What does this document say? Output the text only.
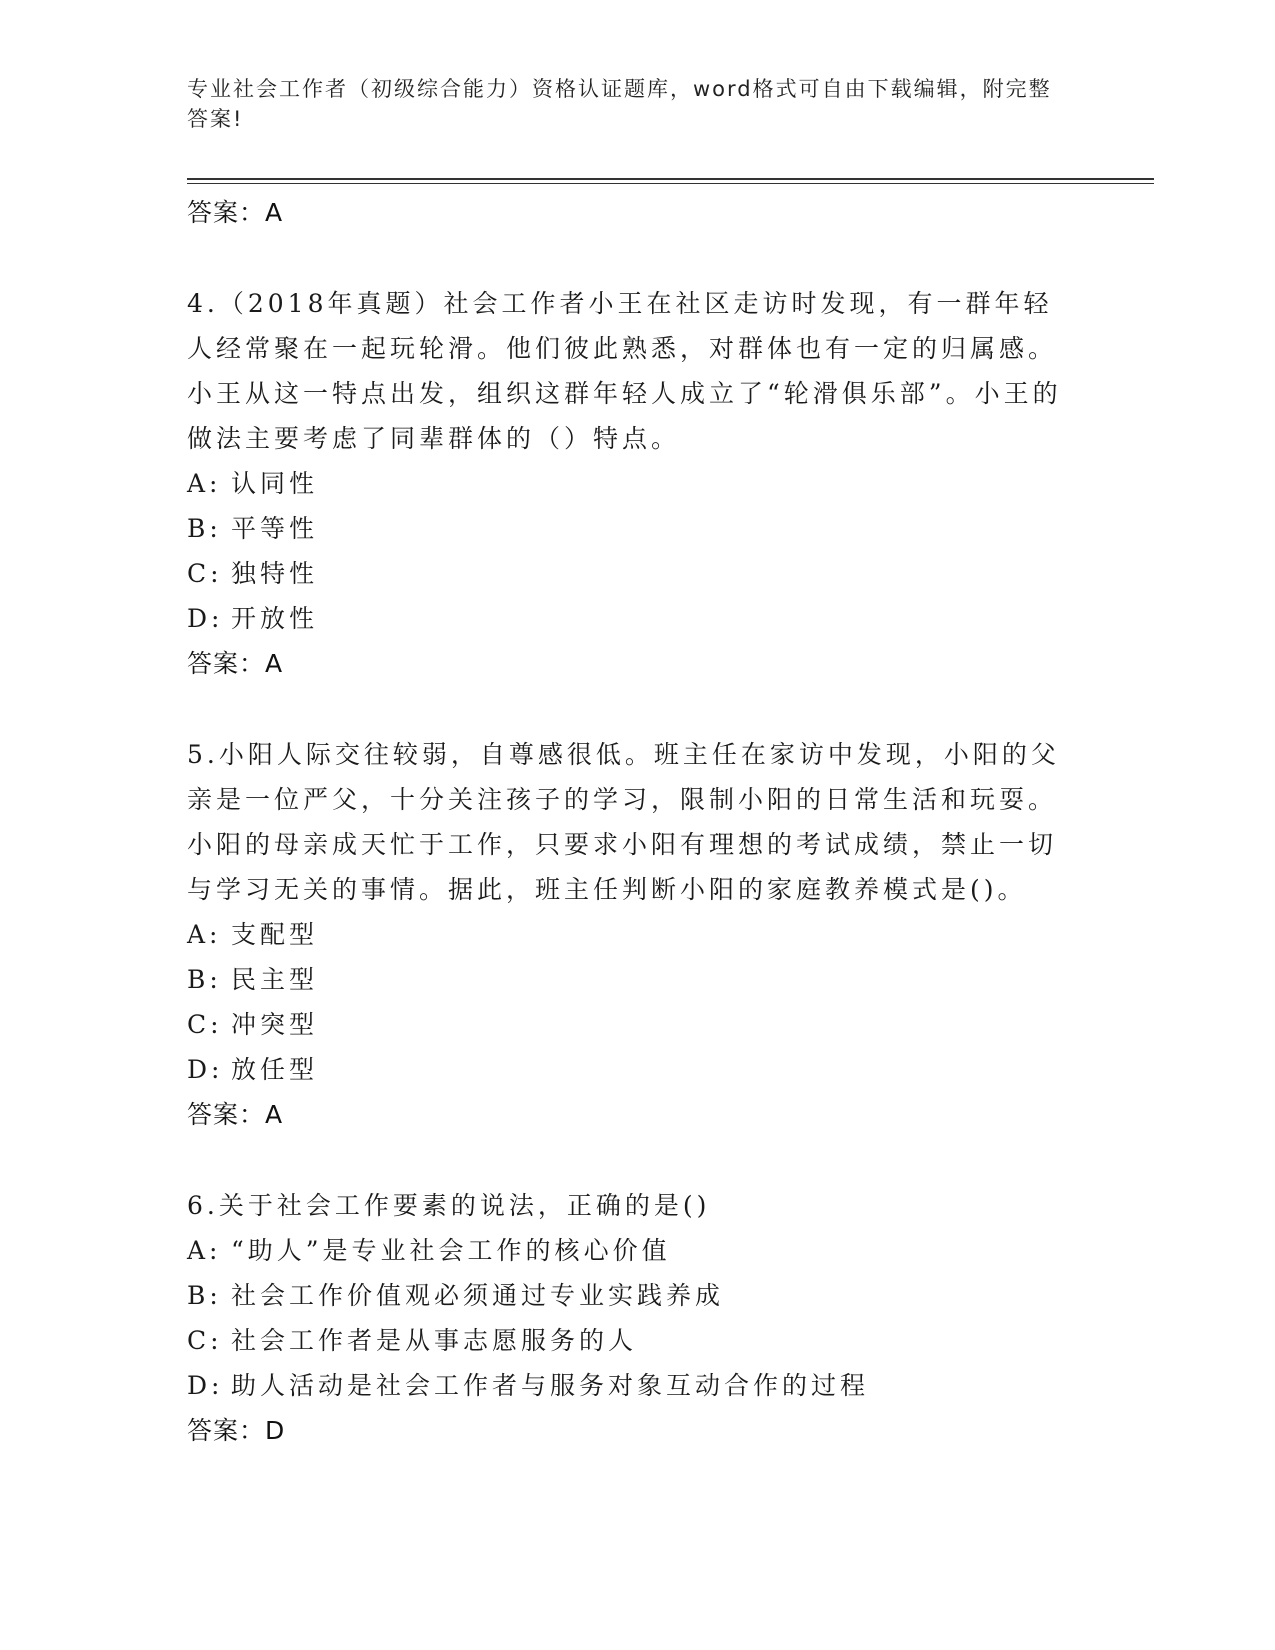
专业社会工作者（初级综合能力）资格认证题库，word格式可自由下载编辑，附完整答案!
答案：A
4.（2018年真题）社会工作者小王在社区走访时发现，有一群年轻人经常聚在一起玩轮滑。他们彼此熟悉，对群体也有一定的归属感。小王从这一特点出发，组织这群年轻人成立了“轮滑俱乐部”。小王的做法主要考虑了同辈群体的（）特点。
A: 认同性
B: 平等性
C: 独特性
D: 开放性
答案：A
5.小阳人际交往较弱，自尊感很低。班主任在家访中发现，小阳的父亲是一位严父，十分关注孩子的学习，限制小阳的日常生活和玩耍。小阳的母亲成天忙于工作，只要求小阳有理想的考试成绩，禁止一切与学习无关的事情。据此，班主任判断小阳的家庭教养模式是()。
A: 支配型
B: 民主型
C: 冲突型
D: 放任型
答案：A
6.关于社会工作要素的说法，正确的是()
A: “助人”是专业社会工作的核心价值
B: 社会工作价值观必须通过专业实践养成
C: 社会工作者是从事志愿服务的人
D: 助人活动是社会工作者与服务对象互动合作的过程
答案：D
